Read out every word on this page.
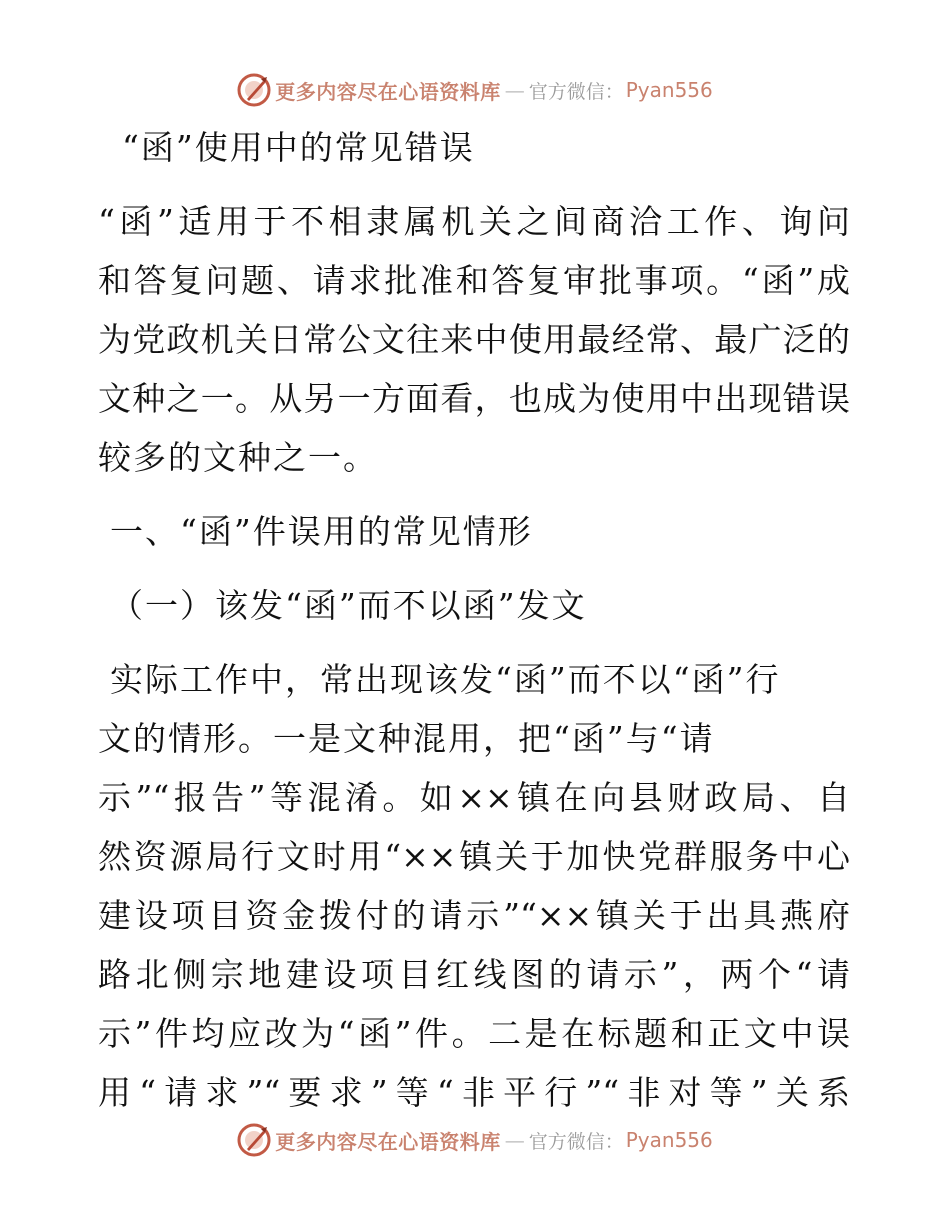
更多内容尽在心语资料库 — 官方微信： Pyan556
“函”使用中的常见错误
“函”适用于不相隶属机关之间商洽工作、询问
和答复问题、请求批准和答复审批事项。“函”成
为党政机关日常公文往来中使用最经常、最广泛的
文种之一。从另一方面看，也成为使用中出现错误
较多的文种之一。
一、“函”件误用的常见情形
（一）该发“函”而不以函”发文
实际工作中，常出现该发“函”而不以“函”行
文的情形。一是文种混用，把“函”与“请
示”“报告”等混淆。如××镇在向县财政局、自
然资源局行文时用“××镇关于加快党群服务中心
建设项目资金拨付的请示”“××镇关于出具燕府
路北侧宗地建设项目红线图的请示”，两个“请
示”件均应改为“函”件。二是在标题和正文中误
用“请求”“要求”等“非平行”“非对等”关系
更多内容尽在心语资料库 — 官方微信： Pyan556
